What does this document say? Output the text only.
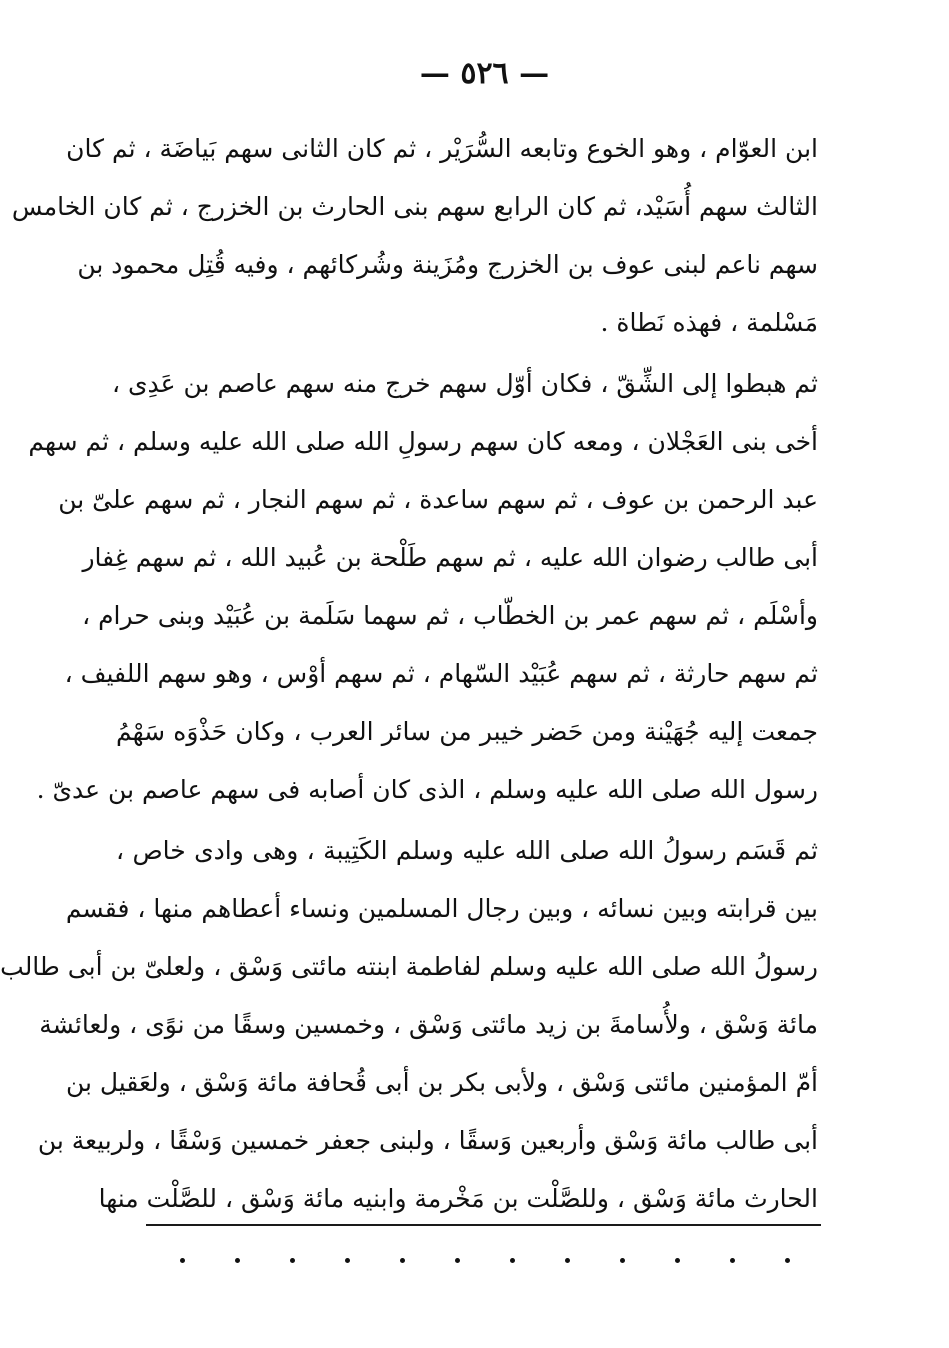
— ٥٢٦ —
ابن العوّام ، وهو الخوع وتابعه السُّرَيْر ، ثم كان الثانى سهم بَياضَة ، ثم كان
الثالث سهم أُسَيْد، ثم كان الرابع سهم بنى الحارث بن الخزرج ، ثم كان الخامس
سهم ناعم لبنى عوف بن الخزرج ومُزَينة وشُركائهم ، وفيه قُتِل محمود بن
مَسْلمة ، فهذه نَطاة .
ثم هبطوا إلى الشِّقّ ، فكان أوّل سهم خرج منه سهم عاصم بن عَدِى ،
أخى بنى العَجْلان ، ومعه كان سهم رسولِ الله صلى الله عليه وسلم ، ثم سهم
عبد الرحمن بن عوف ، ثم سهم ساعدة ، ثم سهم النجار ، ثم سهم علىّ بن
أبى طالب رضوان الله عليه ، ثم سهم طَلْحة بن عُبيد الله ، ثم سهم غِفار
وأسْلَم ، ثم سهم عمر بن الخطّاب ، ثم سهما سَلَمة بن عُبَيْد وبنى حرام ،
ثم سهم حارثة ، ثم سهم عُبَيْد السّهام ، ثم سهم أوْس ، وهو سهم اللفيف ،
جمعت إليه جُهَيْنة ومن حَضر خيبر من سائر العرب ، وكان حَذْوَه سَهْمُ
رسول الله صلى الله عليه وسلم ، الذى كان أصابه فى سهم عاصم بن عدىّ .
ثم قَسَم رسولُ الله صلى الله عليه وسلم الكَتِيبة ، وهى وادى خاص ،
بين قرابته وبين نسائه ، وبين رجال المسلمين ونساء أعطاهم منها ، فقسم
رسولُ الله صلى الله عليه وسلم لفاطمة ابنته مائتى وَسْق ، ولعلىّ بن أبى طالب
مائة وَسْق ، ولأُسامةَ بن زيد مائتى وَسْق ، وخمسين وسقًا من نوًى ، ولعائشة
أمّ المؤمنين مائتى وَسْق ، ولأبى بكر بن أبى قُحافة مائة وَسْق ، ولعَقيل بن
أبى طالب مائة وَسْق وأربعين وَسقًا ، ولبنى جعفر خمسين وَسْقًا ، ولربيعة بن
الحارث مائة وَسْق ، وللصَّلْت بن مَخْرمة وابنيه مائة وَسْق ، للصَّلْت منها
